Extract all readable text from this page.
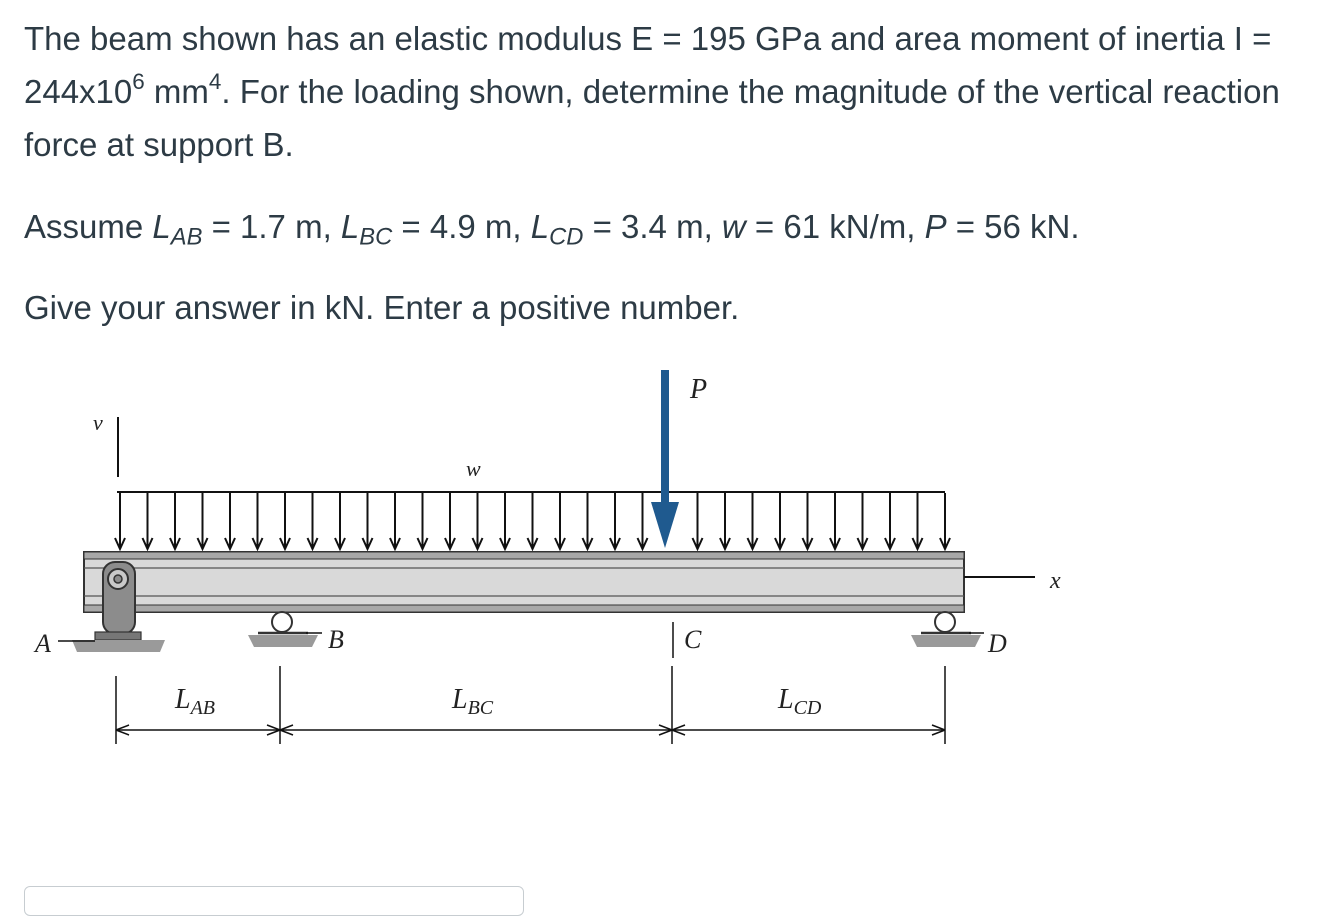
The beam shown has an elastic modulus E = 195 GPa and area moment of inertia $I = 244x10^6$ $mm^4$. For the loading shown, determine the magnitude of the vertical reaction force at support B.

Assume $L_{AB} = 1.7$ m, $L_{BC} = 4.9$ m, $L_{CD} = 3.4$ m, w = 61 kN/m, P = 56 kN.

Give your answer in kN. Enter a positive number.

v
w
P
x
A	B	C	D
$L_{AB}$	$L_{BC}$	$L_{CD}$
